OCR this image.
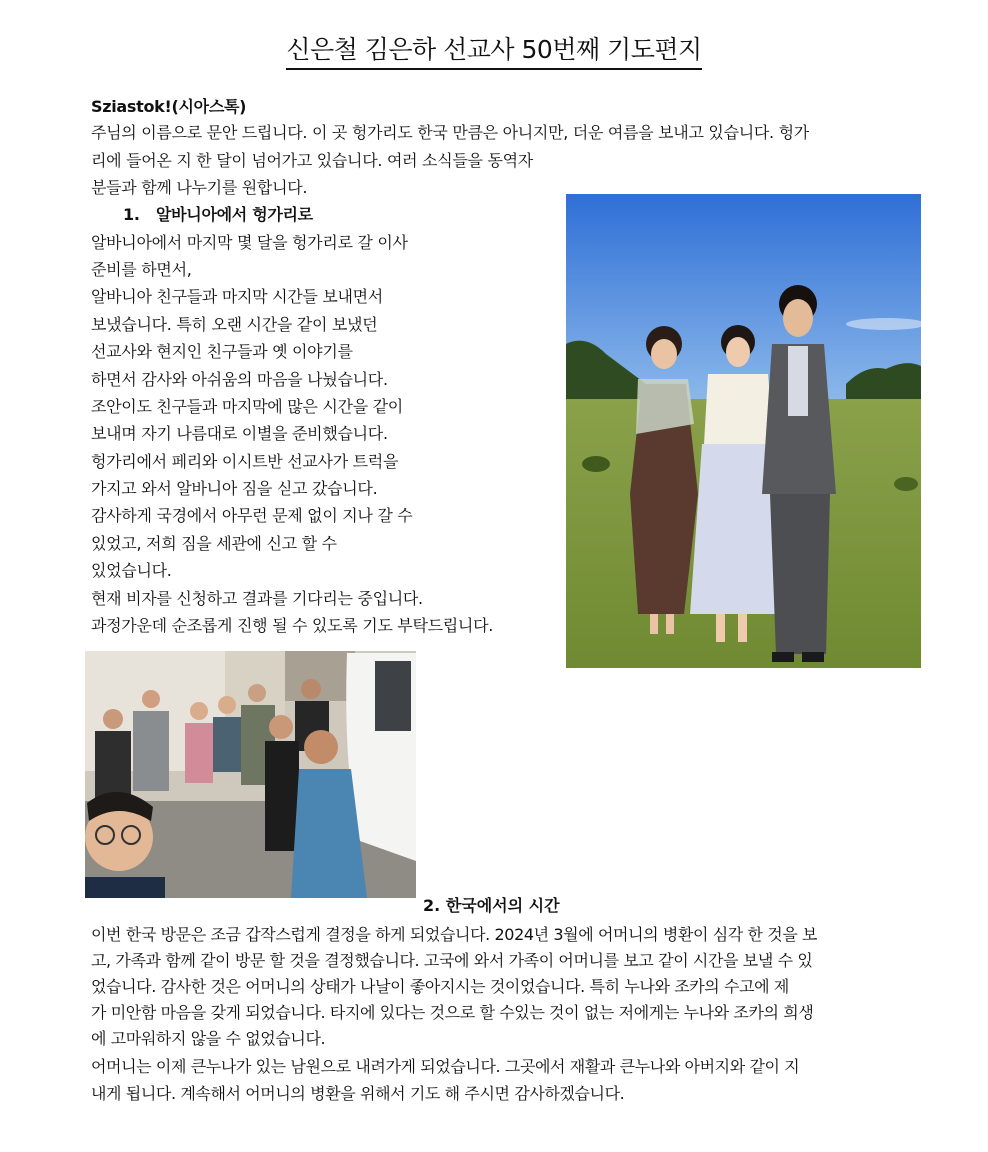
신은철 김은하 선교사 50번째 기도편지
Sziastok!(시아스톡)
주님의 이름으로 문안 드립니다. 이 곳 헝가리도 한국 만큼은 아니지만, 더운 여름을 보내고 있습니다. 헝가
리에 들어온 지 한 달이 넘어가고 있습니다. 여러 소식들을 동역자
분들과 함께 나누기를 원합니다.
1. 알바니아에서 헝가리로
알바니아에서 마지막 몇 달을 헝가리로 갈 이사
준비를 하면서,
알바니아 친구들과 마지막 시간들 보내면서
보냈습니다. 특히 오랜 시간을 같이 보냈던
선교사와 현지인 친구들과 옛 이야기를
하면서 감사와 아쉬움의 마음을 나눴습니다.
조안이도 친구들과 마지막에 많은 시간을 같이
보내며 자기 나름대로 이별을 준비했습니다.
헝가리에서 페리와 이시트반 선교사가 트럭을
가지고 와서 알바니아 짐을 싣고 갔습니다.
감사하게 국경에서 아무런 문제 없이 지나 갈 수
있었고, 저희 짐을 세관에 신고 할 수
있었습니다.
현재 비자를 신청하고 결과를 기다리는 중입니다.
과정가운데 순조롭게 진행 될 수 있도록 기도 부탁드립니다.
2. 한국에서의 시간
이번 한국 방문은 조금 갑작스럽게 결정을 하게 되었습니다. 2024년 3월에 어머니의 병환이 심각 한 것을 보
고, 가족과 함께 같이 방문 할 것을 결정했습니다. 고국에 와서 가족이 어머니를 보고 같이 시간을 보낼 수 있
었습니다. 감사한 것은 어머니의 상태가 나날이 좋아지시는 것이었습니다. 특히 누나와 조카의 수고에 제
가 미안함 마음을 갖게 되었습니다. 타지에 있다는 것으로 할 수있는 것이 없는 저에게는 누나와 조카의 희생
에 고마워하지 않을 수 없었습니다.
어머니는 이제 큰누나가 있는 남원으로 내려가게 되었습니다. 그곳에서 재활과 큰누나와 아버지와 같이 지
내게 됩니다. 계속해서 어머니의 병환을 위해서 기도 해 주시면 감사하겠습니다.
